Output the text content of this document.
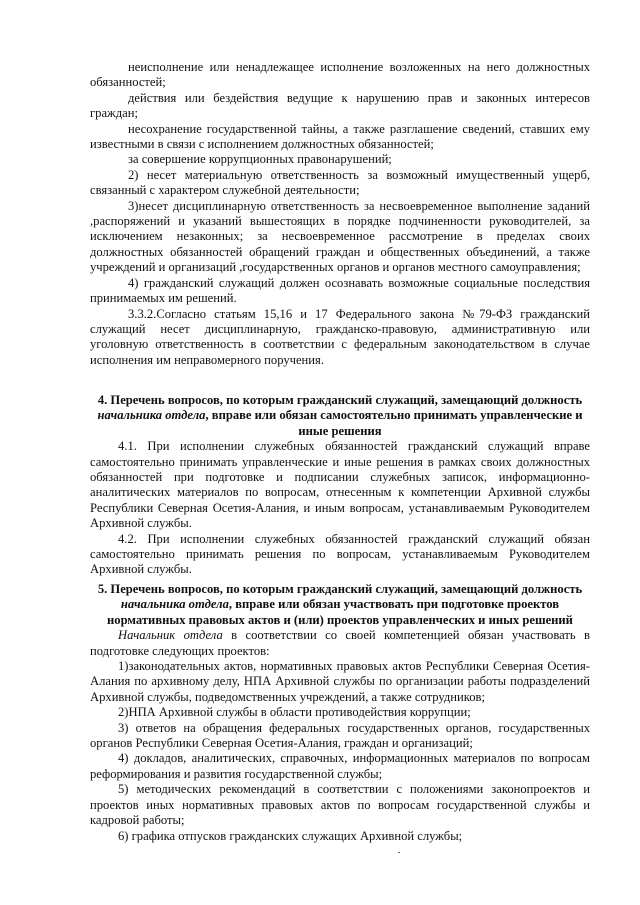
неисполнение или ненадлежащее исполнение возложенных на него должностных обязанностей;

действия или бездействия ведущие к нарушению прав и законных интересов граждан;

несохранение государственной тайны, а также разглашение сведений, ставших ему известными в связи с исполнением должностных обязанностей;

за совершение коррупционных правонарушений;

2) несет материальную ответственность за возможный имущественный ущерб, связанный с характером служебной деятельности;

3)несет дисциплинарную ответственность за несвоевременное выполнение заданий ,распоряжений и указаний вышестоящих в порядке подчиненности руководителей, за исключением незаконных; за несвоевременное рассмотрение в пределах своих должностных обязанностей обращений граждан и общественных объединений, а также учреждений и организаций ,государственных органов и органов местного самоуправления;

4) гражданский служащий должен осознавать возможные социальные последствия принимаемых им решений.

3.3.2.Согласно статьям 15,16 и 17 Федерального закона №79-ФЗ гражданский служащий несет дисциплинарную, гражданско-правовую, административную или уголовную ответственность в соответствии с федеральным законодательством в случае исполнения им неправомерного поручения.

4. Перечень вопросов, по которым гражданский служащий, замещающий должность
начальника отдела, вправе или обязан самостоятельно принимать управленческие и иные решения

4.1. При исполнении служебных обязанностей гражданский служащий вправе самостоятельно принимать управленческие и иные решения в рамках своих должностных обязанностей при подготовке и подписании служебных записок, информационно-аналитических материалов по вопросам, отнесенным к компетенции Архивной службы Республики Северная Осетия-Алания, и иным вопросам, устанавливаемым Руководителем Архивной службы.

4.2. При исполнении служебных обязанностей гражданский служащий обязан самостоятельно принимать решения по вопросам, устанавливаемым Руководителем Архивной службы.

5. Перечень вопросов, по которым гражданский служащий, замещающий должность
начальника отдела, вправе или обязан участвовать при подготовке проектов нормативных правовых актов и (или) проектов управленческих и иных решений

Начальник отдела в соответствии со своей компетенцией обязан участвовать в подготовке следующих проектов:

1)законодательных актов, нормативных правовых актов Республики Северная Осетия-Алания по архивному делу, НПА Архивной службы по организации работы подразделений Архивной службы, подведомственных учреждений, а также сотрудников;

2)НПА Архивной службы в области противодействия коррупции;

3) ответов на обращения федеральных государственных органов, государственных органов Республики Северная Осетия-Алания, граждан и организаций;

4) докладов, аналитических, справочных, информационных материалов по вопросам реформирования и развития государственной службы;

5) методических рекомендаций в соответствии с положениями законопроектов и проектов иных нормативных правовых актов по вопросам государственной службы и кадровой работы;

6) графика отпусков гражданских служащих Архивной службы;
